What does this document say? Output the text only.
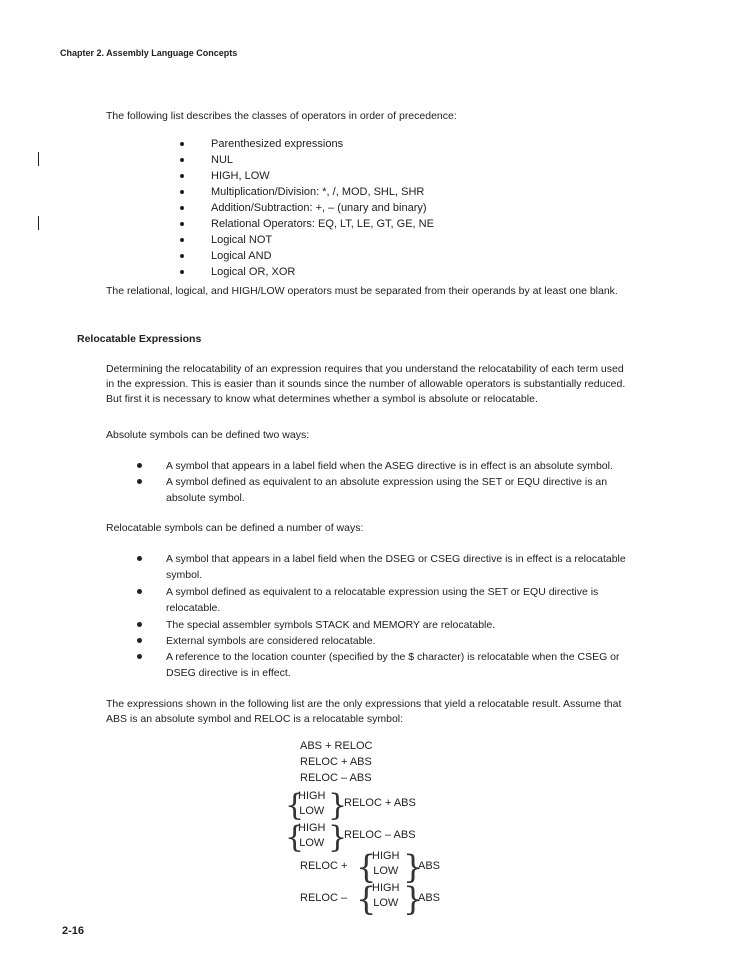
Chapter 2. Assembly Language Concepts
The following list describes the classes of operators in order of precedence:
Parenthesized expressions
NUL
HIGH, LOW
Multiplication/Division: *, /, MOD, SHL, SHR
Addition/Subtraction: +, – (unary and binary)
Relational Operators: EQ, LT, LE, GT, GE, NE
Logical NOT
Logical AND
Logical OR, XOR
The relational, logical, and HIGH/LOW operators must be separated from their operands by at least one blank.
Relocatable Expressions
Determining the relocatability of an expression requires that you understand the relocatability of each term used
in the expression. This is easier than it sounds since the number of allowable operators is substantially reduced.
But first it is necessary to know what determines whether a symbol is absolute or relocatable.
Absolute symbols can be defined two ways:
A symbol that appears in a label field when the ASEG directive is in effect is an absolute symbol.
A symbol defined as equivalent to an absolute expression using the SET or EQU directive is an
absolute symbol.
Relocatable symbols can be defined a number of ways:
A symbol that appears in a label field when the DSEG or CSEG directive is in effect is a relocatable
symbol.
A symbol defined as equivalent to a relocatable expression using the SET or EQU directive is
relocatable.
The special assembler symbols STACK and MEMORY are relocatable.
External symbols are considered relocatable.
A reference to the location counter (specified by the $ character) is relocatable when the CSEG or
DSEG directive is in effect.
The expressions shown in the following list are the only expressions that yield a relocatable result. Assume that
ABS is an absolute symbol and RELOC is a relocatable symbol:
ABS + RELOC
RELOC + ABS
RELOC – ABS
{
HIGH
LOW }
RELOC + ABS
{
HIGH
LOW }
RELOC – ABS
RELOC + {
HIGH
LOW }
ABS
RELOC – {
HIGH
LOW }
ABS
2-16
